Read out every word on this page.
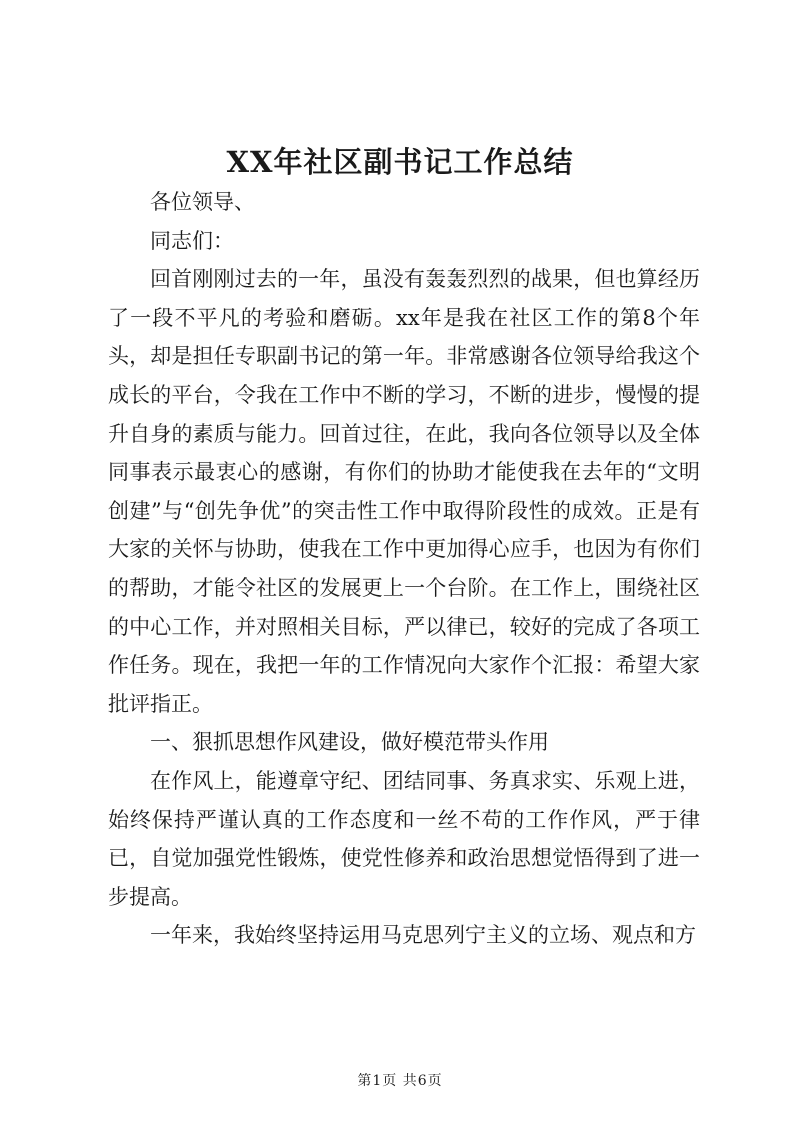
XX年社区副书记工作总结

各位领导、

同志们：

回首刚刚过去的一年，虽没有轰轰烈烈的战果，但也算经历了一段不平凡的考验和磨砺。xx年是我在社区工作的第8个年头，却是担任专职副书记的第一年。非常感谢各位领导给我这个成长的平台，令我在工作中不断的学习，不断的进步，慢慢的提升自身的素质与能力。回首过往，在此，我向各位领导以及全体同事表示最衷心的感谢，有你们的协助才能使我在去年的“文明创建”与“创先争优”的突击性工作中取得阶段性的成效。正是有大家的关怀与协助，使我在工作中更加得心应手，也因为有你们的帮助，才能令社区的发展更上一个台阶。在工作上，围绕社区的中心工作，并对照相关目标，严以律已，较好的完成了各项工作任务。现在，我把一年的工作情况向大家作个汇报：希望大家批评指正。

一、狠抓思想作风建设，做好模范带头作用

在作风上，能遵章守纪、团结同事、务真求实、乐观上进，始终保持严谨认真的工作态度和一丝不苟的工作作风，严于律已，自觉加强党性锻炼，使党性修养和政治思想觉悟得到了进一步提高。

一年来，我始终坚持运用马克思列宁主义的立场、观点和方

第1页 共6页
